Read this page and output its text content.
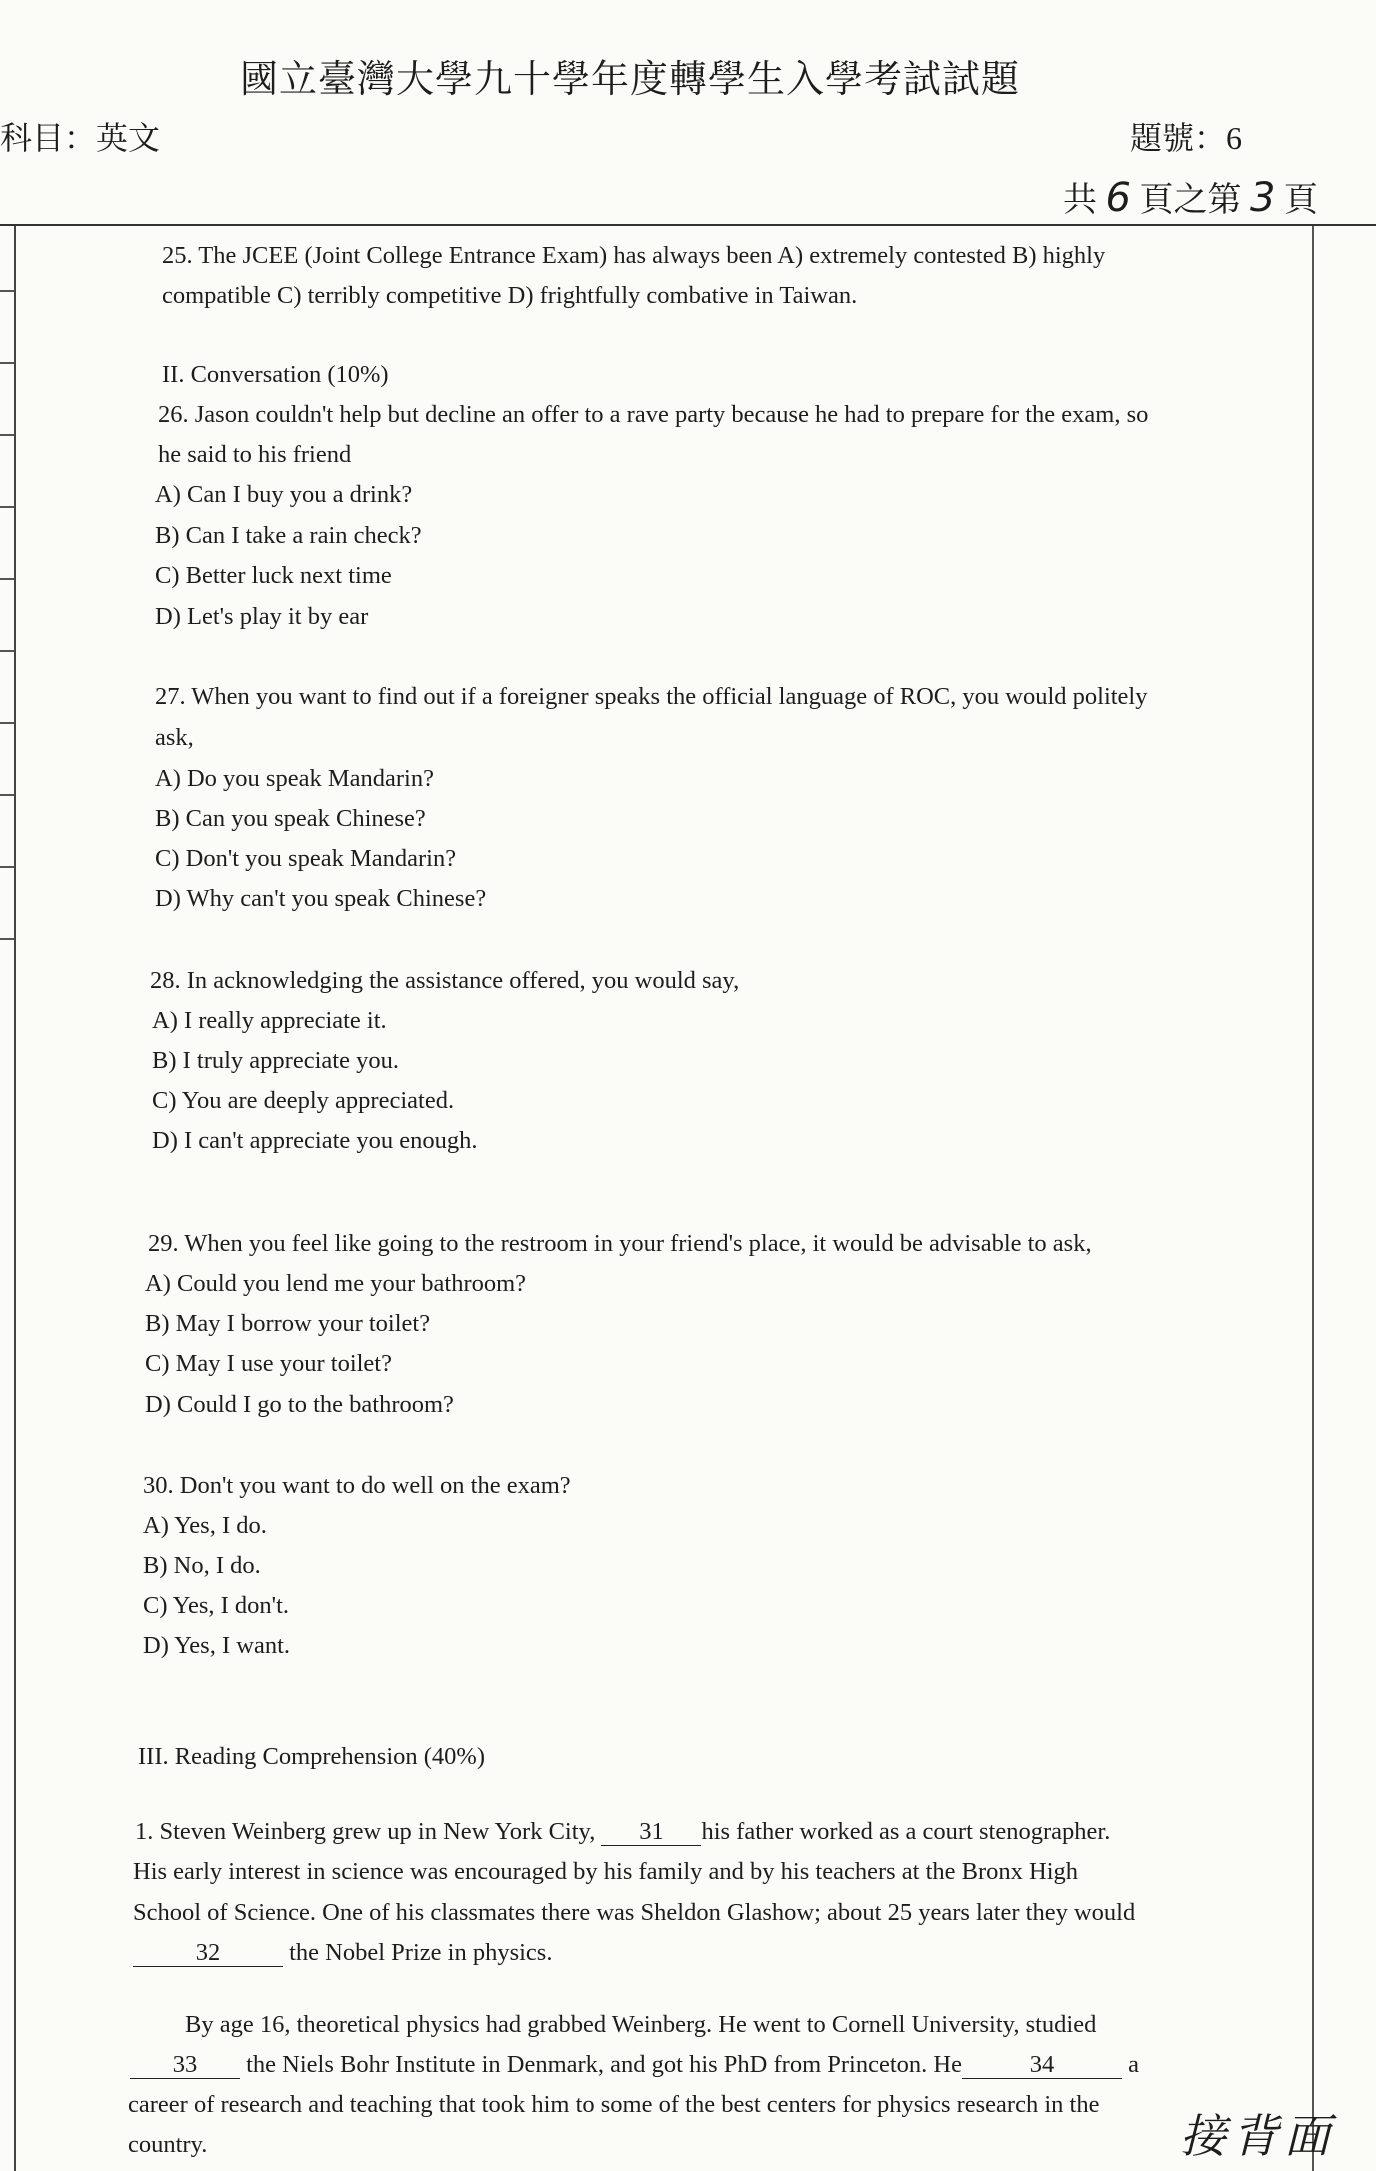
國立臺灣大學九十學年度轉學生入學考試試題
科目：英文	題號：6
共 6 頁之第 3 頁
25. The JCEE (Joint College Entrance Exam) has always been A) extremely contested B) highly
compatible C) terribly competitive D) frightfully combative in Taiwan.
II. Conversation (10%)
26. Jason couldn't help but decline an offer to a rave party because he had to prepare for the exam, so
he said to his friend
A) Can I buy you a drink?
B) Can I take a rain check?
C) Better luck next time
D) Let's play it by ear
27. When you want to find out if a foreigner speaks the official language of ROC, you would politely
ask,
A) Do you speak Mandarin?
B) Can you speak Chinese?
C) Don't you speak Mandarin?
D) Why can't you speak Chinese?
28. In acknowledging the assistance offered, you would say,
A) I really appreciate it.
B) I truly appreciate you.
C) You are deeply appreciated.
D) I can't appreciate you enough.
29. When you feel like going to the restroom in your friend's place, it would be advisable to ask,
A) Could you lend me your bathroom?
B) May I borrow your toilet?
C) May I use your toilet?
D) Could I go to the bathroom?
30. Don't you want to do well on the exam?
A) Yes, I do.
B) No, I do.
C) Yes, I don't.
D) Yes, I want.
III. Reading Comprehension (40%)
1. Steven Weinberg grew up in New York City, 31 his father worked as a court stenographer.
His early interest in science was encouraged by his family and by his teachers at the Bronx High
School of Science. One of his classmates there was Sheldon Glashow; about 25 years later they would
32	the Nobel Prize in physics.
By age 16, theoretical physics had grabbed Weinberg. He went to Cornell University, studied
33 the Niels Bohr Institute in Denmark, and got his PhD from Princeton. He	34	a
career of research and teaching that took him to some of the best centers for physics research in the
country.	接背面
